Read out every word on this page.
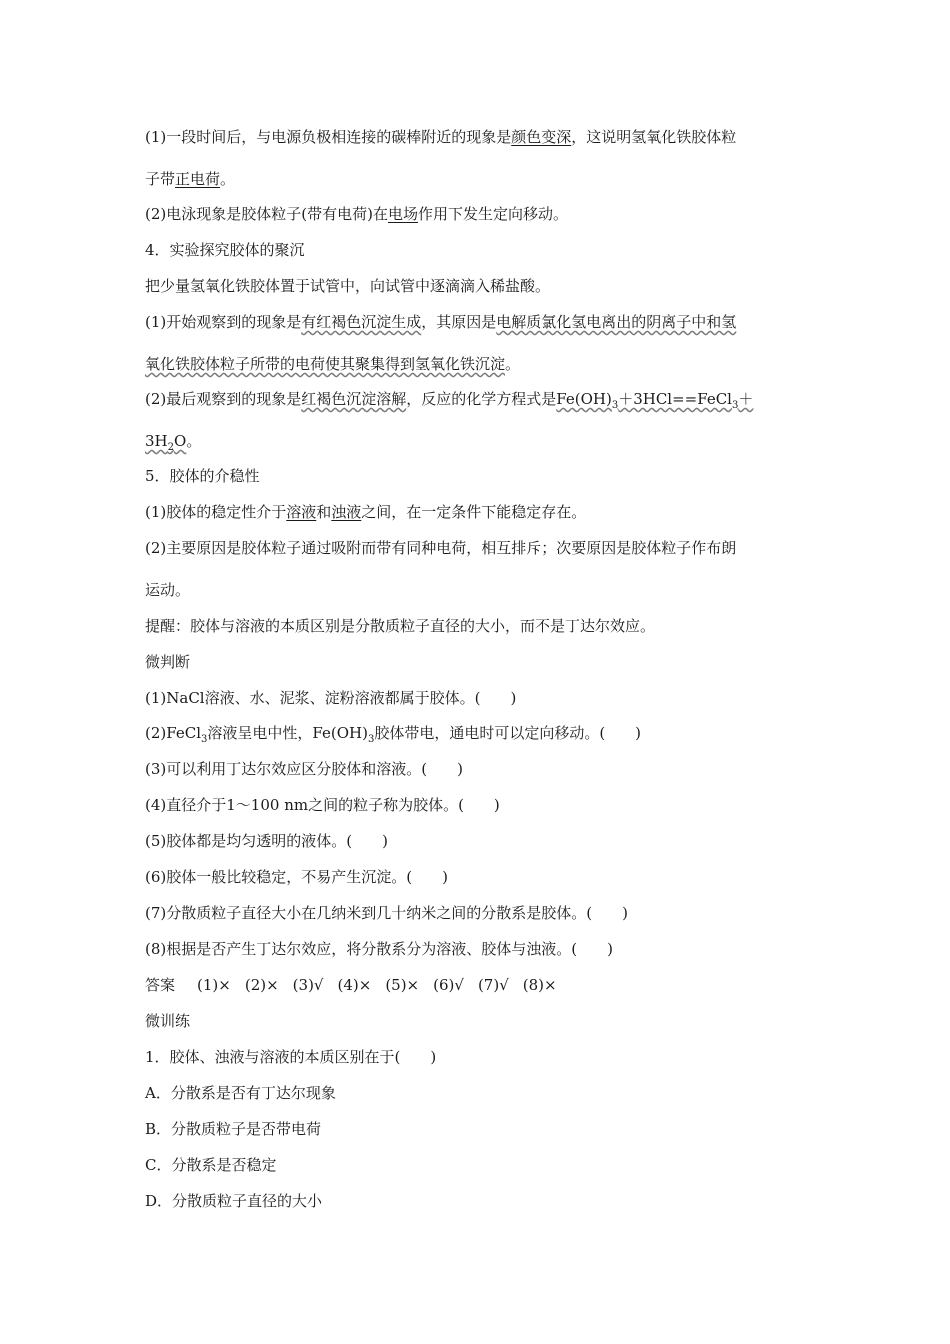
(1)一段时间后，与电源负极相连接的碳棒附近的现象是颜色变深，这说明氢氧化铁胶体粒
子带正电荷。
(2)电泳现象是胶体粒子(带有电荷)在电场作用下发生定向移动。
4．实验探究胶体的聚沉
把少量氢氧化铁胶体置于试管中，向试管中逐滴滴入稀盐酸。
(1)开始观察到的现象是有红褐色沉淀生成，其原因是电解质氯化氢电离出的阴离子中和氢
氧化铁胶体粒子所带的电荷使其聚集得到氢氧化铁沉淀。
(2)最后观察到的现象是红褐色沉淀溶解，反应的化学方程式是$Fe(OH)_3+3HCl==FeCl_3+$
$3H_2O$。
5．胶体的介稳性
(1)胶体的稳定性介于溶液和浊液之间，在一定条件下能稳定存在。
(2)主要原因是胶体粒子通过吸附而带有同种电荷，相互排斥；次要原因是胶体粒子作布朗
运动。
提醒：胶体与溶液的本质区别是分散质粒子直径的大小，而不是丁达尔效应。
微判断
(1)NaCl溶液、水、泥浆、淀粉溶液都属于胶体。(　　)
(2)FeCl$_3$溶液呈电中性，$Fe(OH)_3$胶体带电，通电时可以定向移动。(　　)
(3)可以利用丁达尔效应区分胶体和溶液。(　　)
(4)直径介于1～100 nm之间的粒子称为胶体。(　　)
(5)胶体都是均匀透明的液体。(　　)
(6)胶体一般比较稳定，不易产生沉淀。(　　)
(7)分散质粒子直径大小在几纳米到几十纳米之间的分散系是胶体。(　　)
(8)根据是否产生丁达尔效应，将分散系分为溶液、胶体与浊液。(　　)
答案 (1)× (2)× (3)√ (4)× (5)× (6)√ (7)√ (8)×
微训练
1．胶体、浊液与溶液的本质区别在于(　　)
A．分散系是否有丁达尔现象
B．分散质粒子是否带电荷
C．分散系是否稳定
D．分散质粒子直径的大小
